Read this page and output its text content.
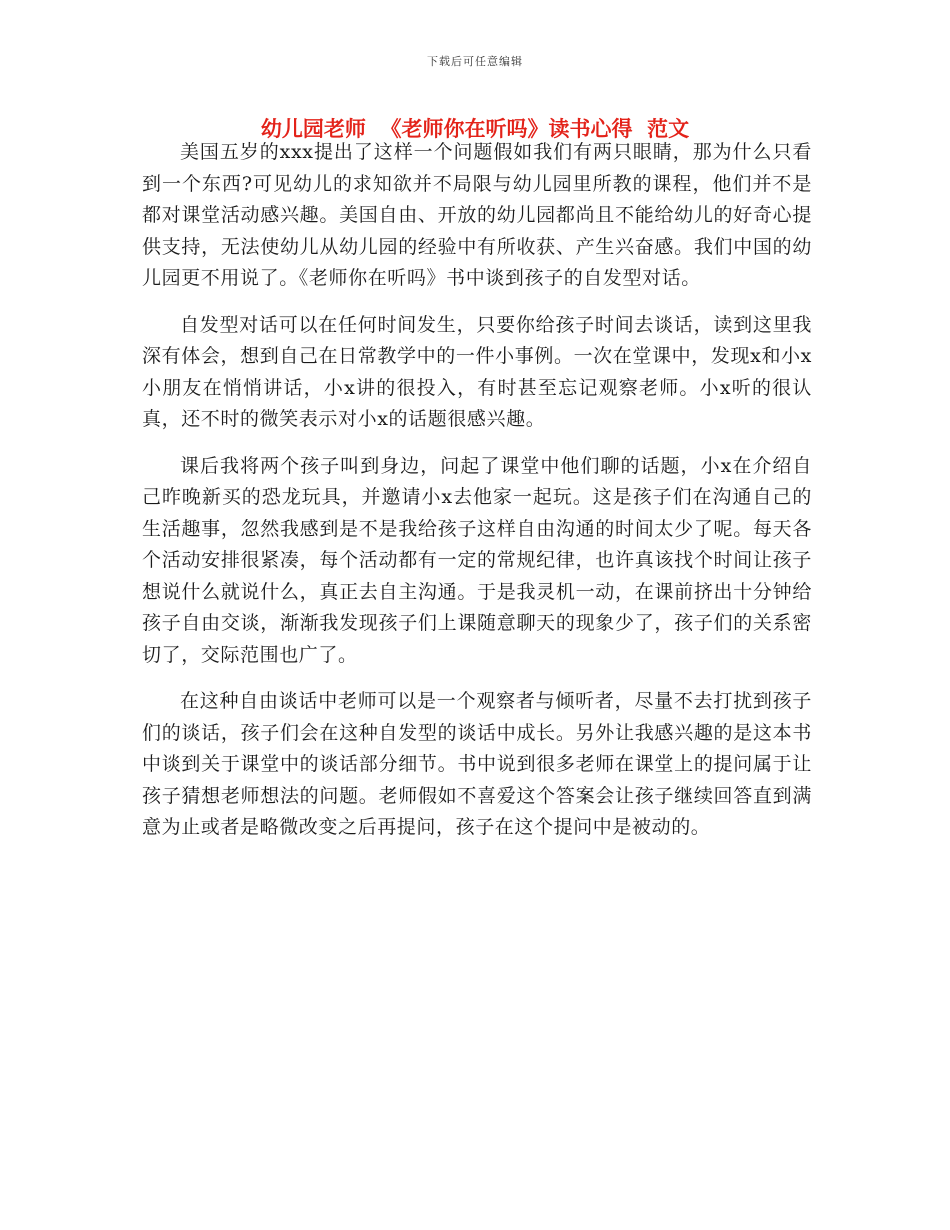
下载后可任意编辑
幼儿园老师  《老师你在听吗》读书心得  范文

美国五岁的xxx提出了这样一个问题假如我们有两只眼睛，那为什么只看到一个东西?可见幼儿的求知欲并不局限与幼儿园里所教的课程，他们并不是都对课堂活动感兴趣。美国自由、开放的幼儿园都尚且不能给幼儿的好奇心提供支持，无法使幼儿从幼儿园的经验中有所收获、产生兴奋感。我们中国的幼儿园更不用说了。《老师你在听吗》书中谈到孩子的自发型对话。

自发型对话可以在任何时间发生，只要你给孩子时间去谈话，读到这里我深有体会，想到自己在日常教学中的一件小事例。一次在堂课中，发现x和小x小朋友在悄悄讲话，小x讲的很投入，有时甚至忘记观察老师。小x听的很认真，还不时的微笑表示对小x的话题很感兴趣。

课后我将两个孩子叫到身边，问起了课堂中他们聊的话题，小x在介绍自己昨晚新买的恐龙玩具，并邀请小x去他家一起玩。这是孩子们在沟通自己的生活趣事，忽然我感到是不是我给孩子这样自由沟通的时间太少了呢。每天各个活动安排很紧凑，每个活动都有一定的常规纪律，也许真该找个时间让孩子想说什么就说什么，真正去自主沟通。于是我灵机一动，在课前挤出十分钟给孩子自由交谈，渐渐我发现孩子们上课随意聊天的现象少了，孩子们的关系密切了，交际范围也广了。

在这种自由谈话中老师可以是一个观察者与倾听者，尽量不去打扰到孩子们的谈话，孩子们会在这种自发型的谈话中成长。另外让我感兴趣的是这本书中谈到关于课堂中的谈话部分细节。书中说到很多老师在课堂上的提问属于让孩子猜想老师想法的问题。老师假如不喜爱这个答案会让孩子继续回答直到满意为止或者是略微改变之后再提问，孩子在这个提问中是被动的。
